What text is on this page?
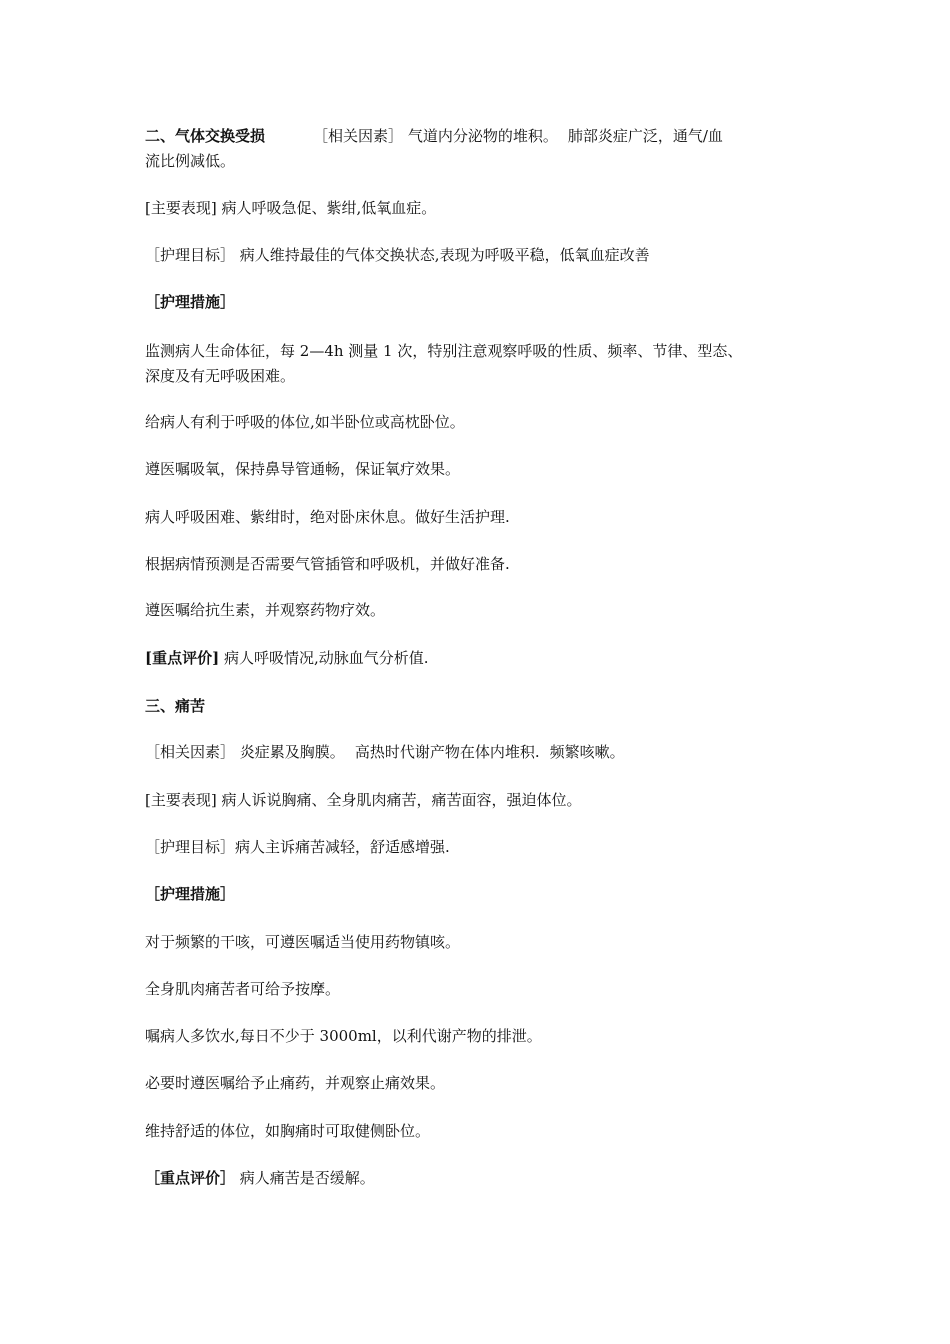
二、气体交换受损	［相关因素］ 气道内分泌物的堆积。 肺部炎症广泛，通气/血
流比例减低。
[主要表现] 病人呼吸急促、紫绀,低氧血症。
［护理目标］ 病人维持最佳的气体交换状态,表现为呼吸平稳，低氧血症改善
［护理措施］
监测病人生命体征，每 2—4h 测量 1 次，特别注意观察呼吸的性质、频率、节律、型态、
深度及有无呼吸困难。
给病人有利于呼吸的体位,如半卧位或高枕卧位。
遵医嘱吸氧，保持鼻导管通畅，保证氧疗效果。
病人呼吸困难、紫绀时，绝对卧床休息。做好生活护理.
根据病情预测是否需要气管插管和呼吸机，并做好准备.
遵医嘱给抗生素，并观察药物疗效。
[重点评价] 病人呼吸情况,动脉血气分析值.
三、痛苦
［相关因素］ 炎症累及胸膜。 高热时代谢产物在体内堆积. 频繁咳嗽。
[主要表现] 病人诉说胸痛、全身肌肉痛苦，痛苦面容，强迫体位。
［护理目标］病人主诉痛苦减轻，舒适感增强.
［护理措施］
对于频繁的干咳，可遵医嘱适当使用药物镇咳。
全身肌肉痛苦者可给予按摩。
嘱病人多饮水,每日不少于 3000ml，以利代谢产物的排泄。
必要时遵医嘱给予止痛药，并观察止痛效果。
维持舒适的体位，如胸痛时可取健侧卧位。
［重点评价］ 病人痛苦是否缓解。
